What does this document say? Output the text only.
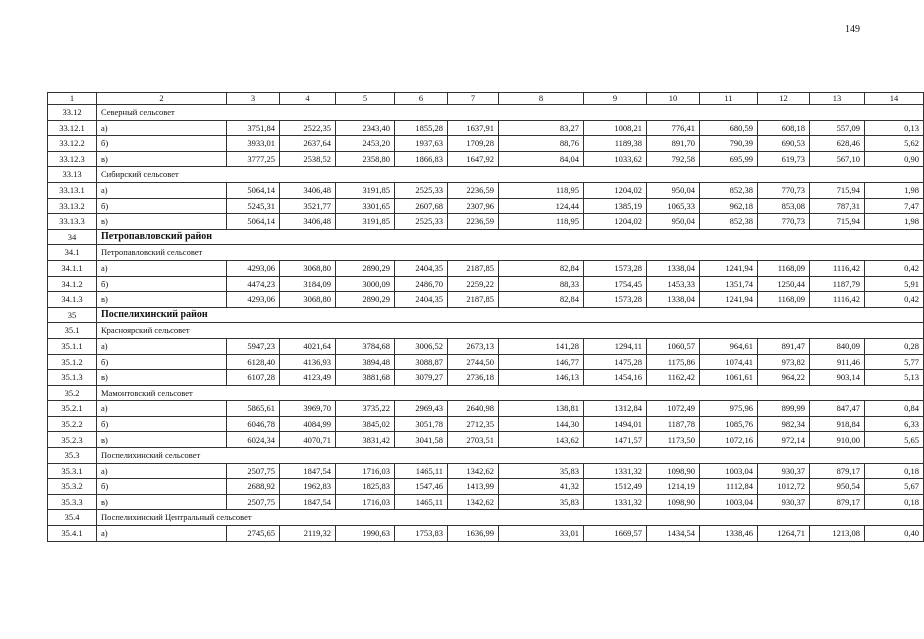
149
1	2	3	4	5	6	7	8	9	10	11	12	13	14
33.12	Северный сельсовет												
33.12.1	а)	3751,84	2522,35	2343,40	1855,28	1637,91	83,27	1008,21	776,41	680,59	608,18	557,09	0,13
33.12.2	б)	3933,01	2637,64	2453,20	1937,63	1709,28	88,76	1189,38	891,70	790,39	690,53	628,46	5,62
33.12.3	в)	3777,25	2538,52	2358,80	1866,83	1647,92	84,04	1033,62	792,58	695,99	619,73	567,10	0,90
33.13	Сибирский сельсовет												
33.13.1	а)	5064,14	3406,48	3191,85	2525,33	2236,59	118,95	1204,02	950,04	852,38	770,73	715,94	1,98
33.13.2	б)	5245,31	3521,77	3301,65	2607,68	2307,96	124,44	1385,19	1065,33	962,18	853,08	787,31	7,47
33.13.3	в)	5064,14	3406,48	3191,85	2525,33	2236,59	118,95	1204,02	950,04	852,38	770,73	715,94	1,98
34	Петропавловский район												
34.1	Петропавловский сельсовет												
34.1.1	а)	4293,06	3068,80	2890,29	2404,35	2187,85	82,84	1573,28	1338,04	1241,94	1168,09	1116,42	0,42
34.1.2	б)	4474,23	3184,09	3000,09	2486,70	2259,22	88,33	1754,45	1453,33	1351,74	1250,44	1187,79	5,91
34.1.3	в)	4293,06	3068,80	2890,29	2404,35	2187,85	82,84	1573,28	1338,04	1241,94	1168,09	1116,42	0,42
35	Поспелихинский район												
35.1	Красноярский сельсовет												
35.1.1	а)	5947,23	4021,64	3784,68	3006,52	2673,13	141,28	1294,11	1060,57	964,61	891,47	840,09	0,28
35.1.2	б)	6128,40	4136,93	3894,48	3088,87	2744,50	146,77	1475,28	1175,86	1074,41	973,82	911,46	5,77
35.1.3	в)	6107,28	4123,49	3881,68	3079,27	2736,18	146,13	1454,16	1162,42	1061,61	964,22	903,14	5,13
35.2	Мамонтовский сельсовет												
35.2.1	а)	5865,61	3969,70	3735,22	2969,43	2640,98	138,81	1312,84	1072,49	975,96	899,99	847,47	0,84
35.2.2	б)	6046,78	4084,99	3845,02	3051,78	2712,35	144,30	1494,01	1187,78	1085,76	982,34	918,84	6,33
35.2.3	в)	6024,34	4070,71	3831,42	3041,58	2703,51	143,62	1471,57	1173,50	1072,16	972,14	910,00	5,65
35.3	Поспелихинский сельсовет												
35.3.1	а)	2507,75	1847,54	1716,03	1465,11	1342,62	35,83	1331,32	1098,90	1003,04	930,37	879,17	0,18
35.3.2	б)	2688,92	1962,83	1825,83	1547,46	1413,99	41,32	1512,49	1214,19	1112,84	1012,72	950,54	5,67
35.3.3	в)	2507,75	1847,54	1716,03	1465,11	1342,62	35,83	1331,32	1098,90	1003,04	930,37	879,17	0,18
35.4	Поспелихинский Центральный сельсовет												
35.4.1	а)	2745,65	2119,32	1990,63	1753,83	1636,99	33,01	1669,57	1434,54	1338,46	1264,71	1213,08	0,40
